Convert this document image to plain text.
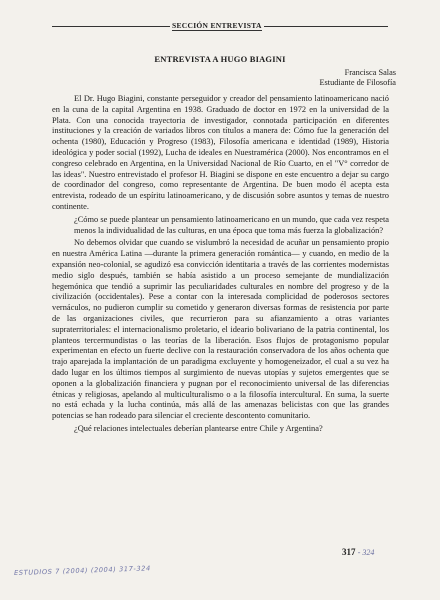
SECCIÓN ENTREVISTA
ENTREVISTA A HUGO BIAGINI
Francisca Salas
Estudiante de Filosofía

El Dr. Hugo Biagini, constante perseguidor y creador del pensamiento latinoamericano nació en la cuna de la capital Argentina en 1938. Graduado de doctor en 1972 en la universidad de la Plata. Con una conocida trayectoria de investigador, connotada participación en diferentes instituciones y la creación de variados libros con títulos a manera de: Cómo fue la generación del ochenta (1980), Educación y Progreso (1983), Filosofía americana e identidad (1989), Historia ideológica y poder social (1992), Lucha de ideales en Nuestramérica (2000). Nos encontramos en el congreso celebrado en Argentina, en la Universidad Nacional de Río Cuarto, en el "V° corredor de las ideas". Nuestro entrevistado el profesor H. Biagini se dispone en este encuentro a dejar su cargo de coordinador del congreso, como representante de Argentina. De buen modo él acepta esta entrevista, rodeado de un espíritu latinoamericano, y de discusión sobre asuntos y temas de nuestro continente.

¿Cómo se puede plantear un pensamiento latinoamericano en un mundo, que cada vez respeta menos la individualidad de las culturas, en una época que toma más fuerza la globalización?

No debemos olvidar que cuando se vislumbró la necesidad de acuñar un pensamiento propio en nuestra América Latina —durante la primera generación romántica— y cuando, en medio de la expansión neo-colonial, se agudizó esa convicción identitaria a través de las corrientes modernistas medio siglo después, también se había asistido a un proceso semejante de mundialización hegemónica que tendió a suprimir las peculiaridades culturales en nombre del progreso y de la civilización (occidentales). Pese a contar con la interesada complicidad de poderosos sectores vernáculos, no pudieron cumplir su cometido y generaron diversas formas de resistencia por parte de las organizaciones civiles, que recurrieron para su afianzamiento a otras variantes supraterritoriales: el internacionalismo proletario, el ideario bolivariano de la patria continental, los planteos tercermundistas o las teorías de la liberación. Esos flujos de protagonismo popular experimentan en efecto un fuerte declive con la restauración conservadora de los años ochenta que trajo aparejada la implantación de un paradigma excluyente y homogeneizador, el cual a su vez ha dado lugar en los últimos tiempos al surgimiento de nuevas utopías y sujetos emergentes que se oponen a la globalización financiera y pugnan por el reconocimiento universal de las diferencias étnicas y religiosas, apelando al multiculturalismo o a la filosofía intercultural. En suma, la suerte no está echada y la lucha continúa, más allá de las amenazas belicistas con que las grandes potencias se han rodeado para silenciar el creciente descontento comunitario.

¿Qué relaciones intelectuales deberían plantearse entre Chile y Argentina?

317 - 324
ESTUDIOS 7 (2004) (2004) 317-324
